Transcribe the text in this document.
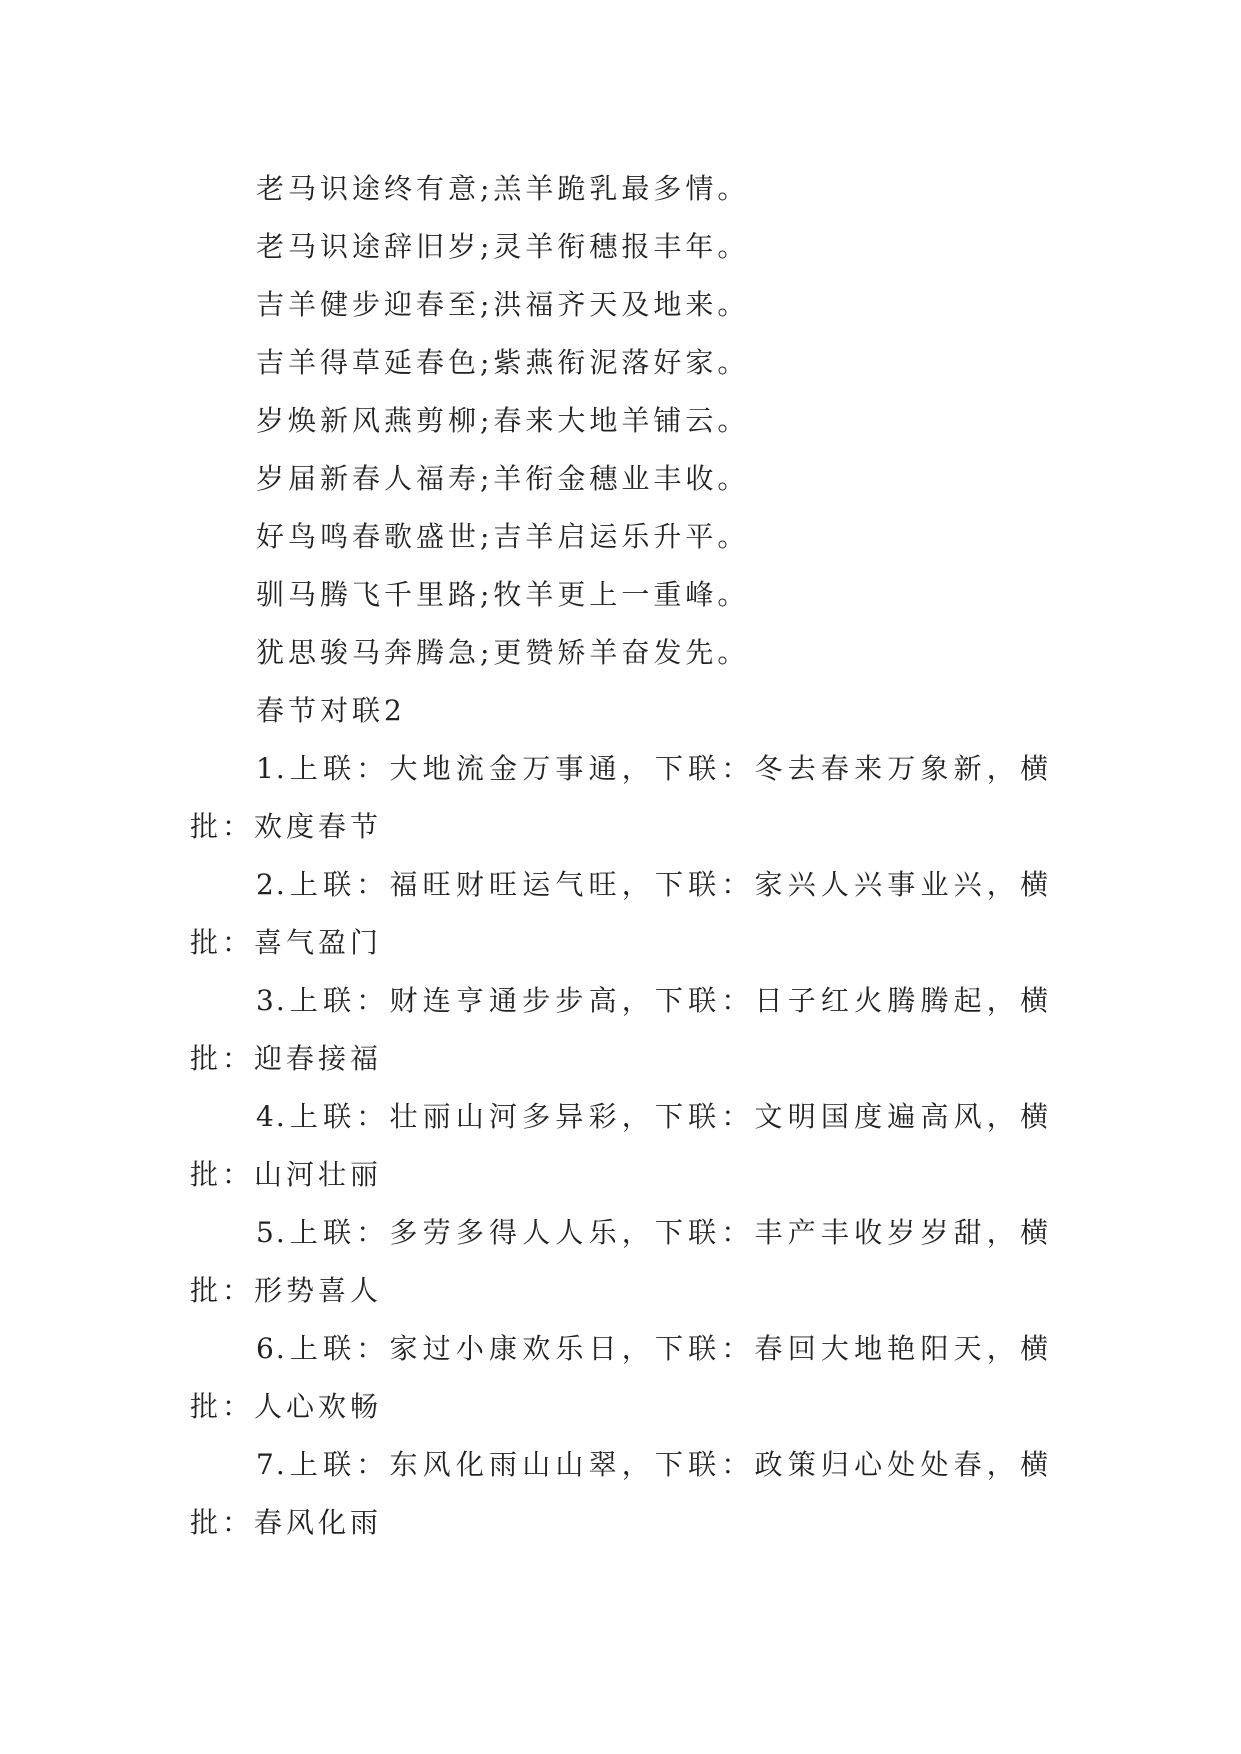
老马识途终有意;羔羊跪乳最多情。
老马识途辞旧岁;灵羊衔穗报丰年。
吉羊健步迎春至;洪福齐天及地来。
吉羊得草延春色;紫燕衔泥落好家。
岁焕新风燕剪柳;春来大地羊铺云。
岁届新春人福寿;羊衔金穗业丰收。
好鸟鸣春歌盛世;吉羊启运乐升平。
驯马腾飞千里路;牧羊更上一重峰。
犹思骏马奔腾急;更赞矫羊奋发先。
春节对联2
1.上联：大地流金万事通，下联：冬去春来万象新，横
批：欢度春节
2.上联：福旺财旺运气旺，下联：家兴人兴事业兴，横
批：喜气盈门
3.上联：财连亨通步步高，下联：日子红火腾腾起，横
批：迎春接福
4.上联：壮丽山河多异彩，下联：文明国度遍高风，横
批：山河壮丽
5.上联：多劳多得人人乐，下联：丰产丰收岁岁甜，横
批：形势喜人
6.上联：家过小康欢乐日，下联：春回大地艳阳天，横
批：人心欢畅
7.上联：东风化雨山山翠，下联：政策归心处处春，横
批：春风化雨
